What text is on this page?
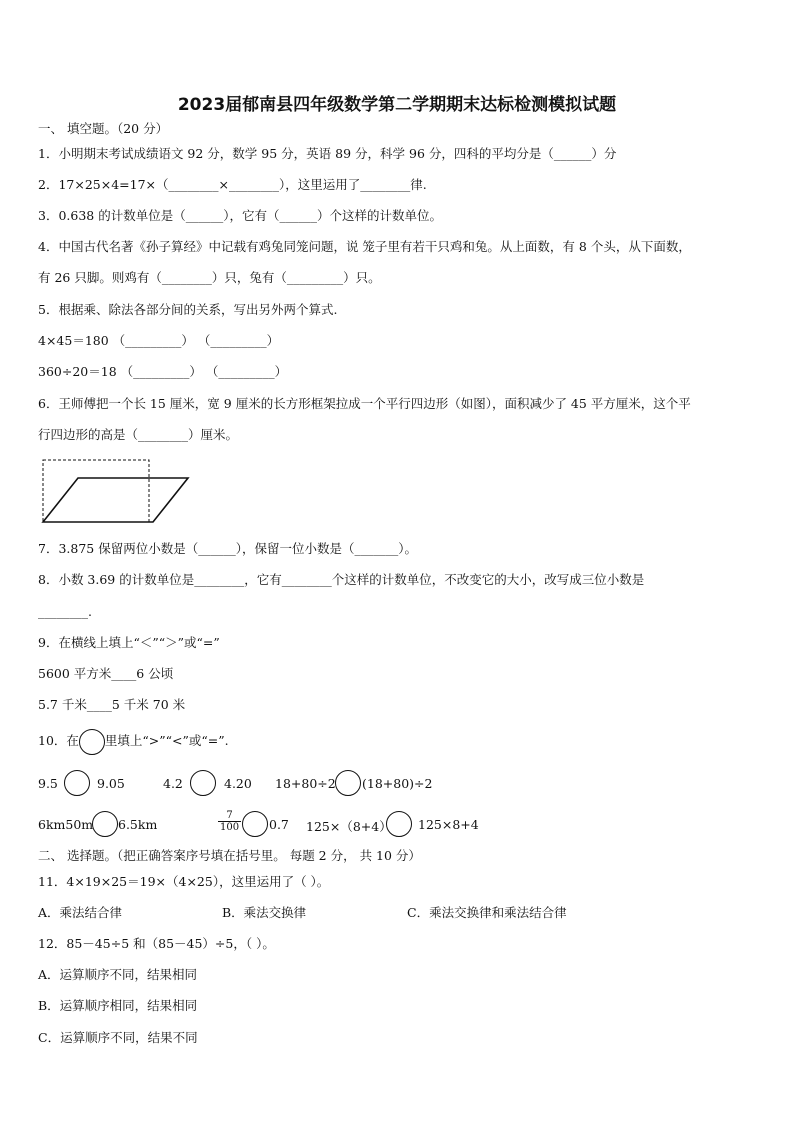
2023届郁南县四年级数学第二学期期末达标检测模拟试题
一、 填空题。（20 分）
1．小明期末考试成绩语文 92 分，数学 95 分，英语 89 分，科学 96 分，四科的平均分是（______）分
2．17×25×4=17×（________×________），这里运用了________律.
3．0.638 的计数单位是（______），它有（______）个这样的计数单位。
4．中国古代名著《孙子算经》中记载有鸡兔同笼问题，说 笼子里有若干只鸡和兔。从上面数，有 8 个头，从下面数，
有 26 只脚。则鸡有（________）只，兔有（_________）只。
5．根据乘、除法各部分间的关系，写出另外两个算式.
4×45＝180 （_________） （_________）
360÷20＝18 （_________） （_________）
6．王师傅把一个长 15 厘米，宽 9 厘米的长方形框架拉成一个平行四边形（如图），面积减少了 45 平方厘米，这个平
行四边形的高是（________）厘米。
7．3.875 保留两位小数是（______），保留一位小数是（_______）。
8．小数 3.69 的计数单位是________，它有________个这样的计数单位，不改变它的大小，改写成三位小数是
________.
9．在横线上填上“＜”“＞”或“=”
5600 平方米____6 公顷
5.7 千米____5 千米 70 米
10．在 里填上“>”“<”或“=”.
9.5	9.05	4.2	4.20 18+80÷2 (18+80)÷2
6km50m 6.5km	$\frac{7}{100} 0.7$ 125×（8+4） 125×8+4
二、 选择题。（把正确答案序号填在括号里。 每题 2 分， 共 10 分）
11．4×19×25＝19×（4×25），这里运用了（ ）。
A．乘法结合律	B．乘法交换律	C．乘法交换律和乘法结合律
12．85－45÷5 和（85－45）÷5，（ ）。
A．运算顺序不同，结果相同
B．运算顺序相同，结果相同
C．运算顺序不同，结果不同
